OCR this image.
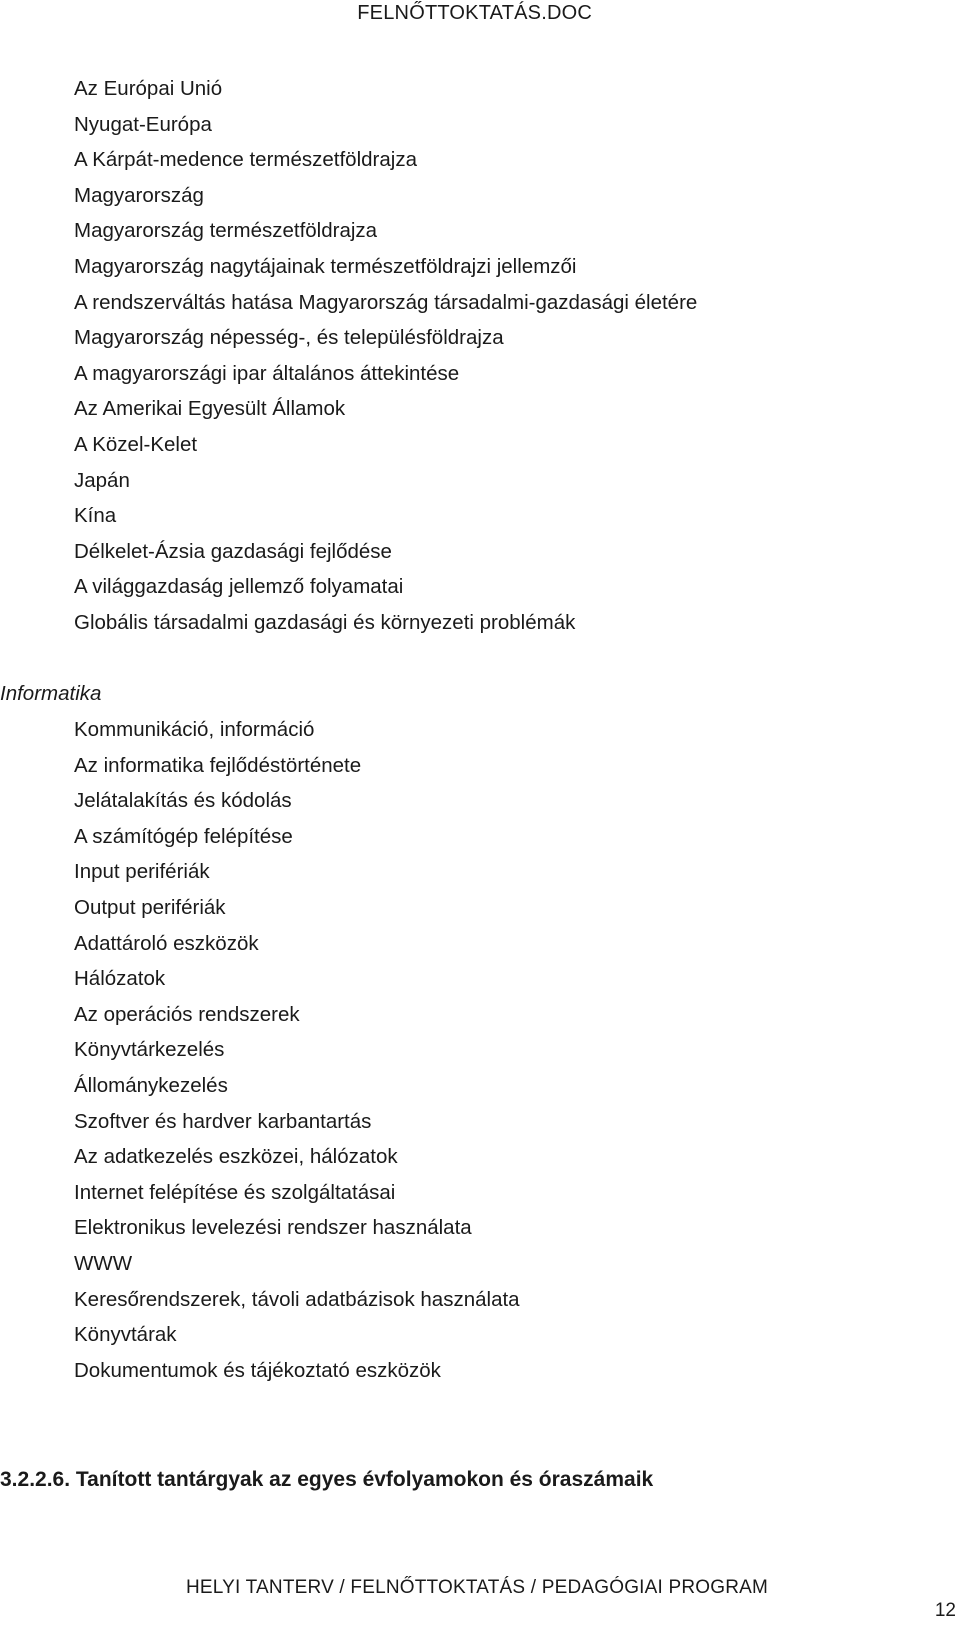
FELNŐTTOKTATÁS.DOC
Az Európai Unió
Nyugat-Európa
A Kárpát-medence természetföldrajza
Magyarország
Magyarország természetföldrajza
Magyarország nagytájainak természetföldrajzi jellemzői
A rendszerváltás hatása Magyarország társadalmi-gazdasági életére
Magyarország népesség-, és településföldrajza
A magyarországi ipar általános áttekintése
Az Amerikai Egyesült Államok
A Közel-Kelet
Japán
Kína
Délkelet-Ázsia gazdasági fejlődése
A világgazdaság jellemző folyamatai
Globális társadalmi gazdasági és környezeti problémák
Informatika
Kommunikáció, információ
Az informatika fejlődéstörténete
Jelátalakítás és kódolás
A számítógép felépítése
Input perifériák
Output perifériák
Adattároló eszközök
Hálózatok
Az operációs rendszerek
Könyvtárkezelés
Állománykezelés
Szoftver és hardver karbantartás
Az adatkezelés eszközei, hálózatok
Internet felépítése és szolgáltatásai
Elektronikus levelezési rendszer használata
WWW
Keresőrendszerek, távoli adatbázisok használata
Könyvtárak
Dokumentumok és tájékoztató eszközök
3.2.2.6. Tanított tantárgyak az egyes évfolyamokon és óraszámaik
HELYI TANTERV / FELNŐTTOKTATÁS / PEDAGÓGIAI PROGRAM
12
